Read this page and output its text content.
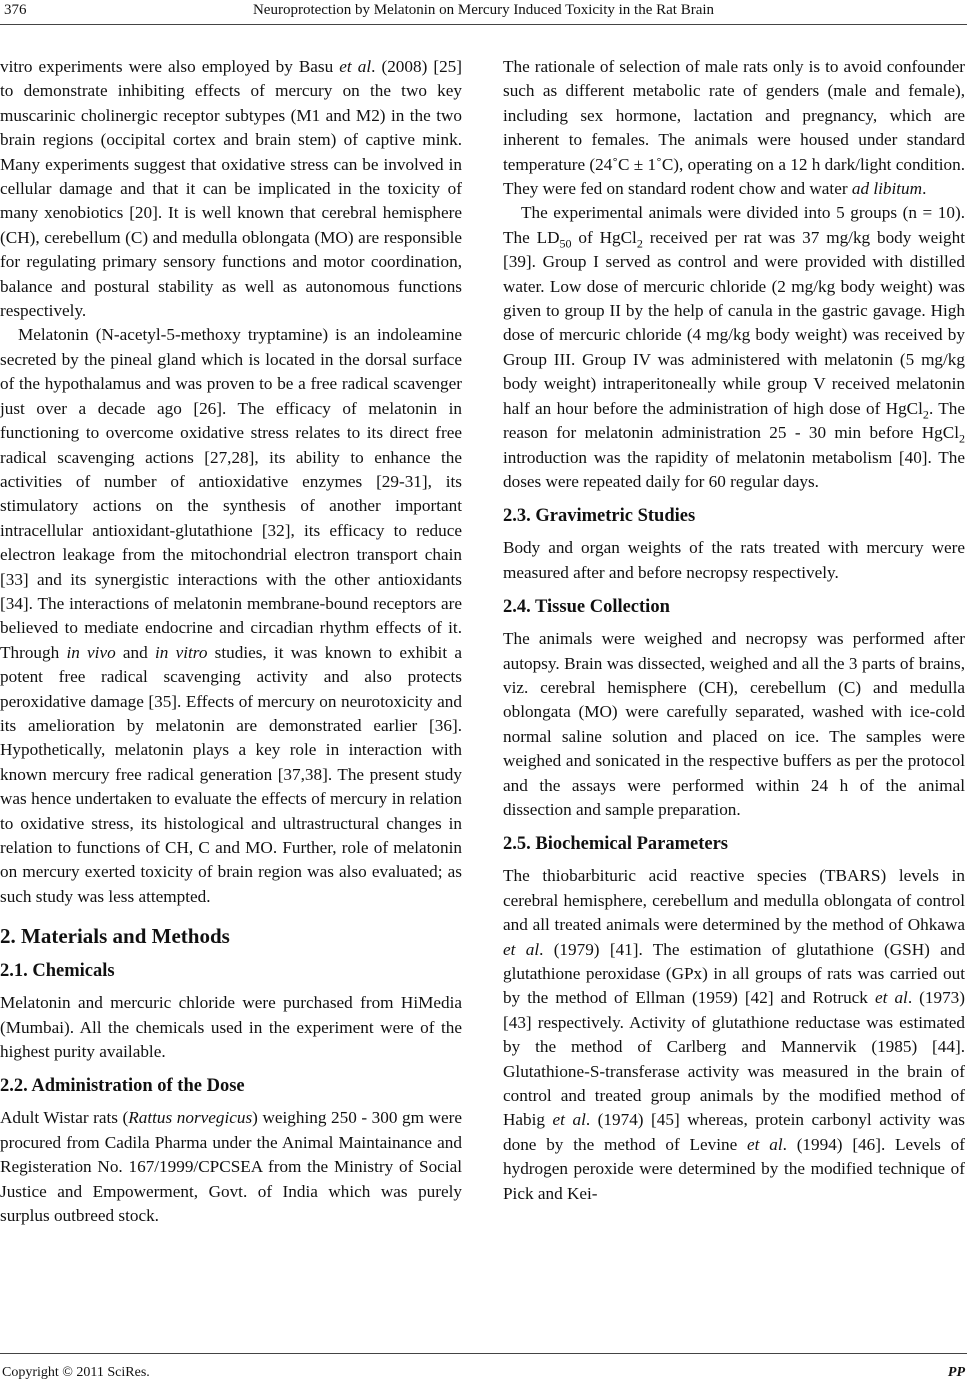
376	Neuroprotection by Melatonin on Mercury Induced Toxicity in the Rat Brain

vitro experiments were also employed by Basu et al. (2008) [25] to demonstrate inhibiting effects of mercury on the two key muscarinic cholinergic receptor subtypes (M1 and M2) in the two brain regions (occipital cortex and brain stem) of captive mink. Many experiments suggest that oxidative stress can be involved in cellular damage and that it can be implicated in the toxicity of many xenobiotics [20]. It is well known that cerebral hemisphere (CH), cerebellum (C) and medulla oblongata (MO) are responsible for regulating primary sensory functions and motor coordination, balance and postural stability as well as autonomous functions respectively.

Melatonin (N-acetyl-5-methoxy tryptamine) is an indoleamine secreted by the pineal gland which is located in the dorsal surface of the hypothalamus and was proven to be a free radical scavenger just over a decade ago [26]. The efficacy of melatonin in functioning to overcome oxidative stress relates to its direct free radical scavenging actions [27,28], its ability to enhance the activities of number of antioxidative enzymes [29-31], its stimulatory actions on the synthesis of another important intracellular antioxidant-glutathione [32], its efficacy to reduce electron leakage from the mitochondrial electron transport chain [33] and its synergistic interactions with the other antioxidants [34]. The interactions of melatonin membrane-bound receptors are believed to mediate endocrine and circadian rhythm effects of it. Through in vivo and in vitro studies, it was known to exhibit a potent free radical scavenging activity and also protects peroxidative damage [35]. Effects of mercury on neurotoxicity and its amelioration by melatonin are demonstrated earlier [36]. Hypothetically, melatonin plays a key role in interaction with known mercury free radical generation [37,38]. The present study was hence undertaken to evaluate the effects of mercury in relation to oxidative stress, its histological and ultrastructural changes in relation to functions of CH, C and MO. Further, role of melatonin on mercury exerted toxicity of brain region was also evaluated; as such study was less attempted.

2. Materials and Methods
2.1. Chemicals

Melatonin and mercuric chloride were purchased from HiMedia (Mumbai). All the chemicals used in the experiment were of the highest purity available.

2.2. Administration of the Dose

Adult Wistar rats (Rattus norvegicus) weighing 250 - 300 gm were procured from Cadila Pharma under the Animal Maintainance and Registeration No. 167/1999/CPCSEA from the Ministry of Social Justice and Empowerment, Govt. of India which was purely surplus outbreed stock.

The rationale of selection of male rats only is to avoid confounder such as different metabolic rate of genders (male and female), including sex hormone, lactation and pregnancy, which are inherent to females. The animals were housed under standard temperature (24˚C ± 1˚C), operating on a 12 h dark/light condition. They were fed on standard rodent chow and water ad libitum.

The experimental animals were divided into 5 groups (n = 10). The $LD_{50}$ of HgCl$_2$ received per rat was 37 mg/kg body weight [39]. Group I served as control and were provided with distilled water. Low dose of mercuric chloride (2 mg/kg body weight) was given to group II by the help of canula in the gastric gavage. High dose of mercuric chloride (4 mg/kg body weight) was received by Group III. Group IV was administered with melatonin (5 mg/kg body weight) intraperitoneally while group V received melatonin half an hour before the administration of high dose of HgCl$_2$. The reason for melatonin administration 25 - 30 min before HgCl$_2$ introduction was the rapidity of melatonin metabolism [40]. The doses were repeated daily for 60 regular days.

2.3. Gravimetric Studies

Body and organ weights of the rats treated with mercury were measured after and before necropsy respectively.

2.4. Tissue Collection

The animals were weighed and necropsy was performed after autopsy. Brain was dissected, weighed and all the 3 parts of brains, viz. cerebral hemisphere (CH), cerebellum (C) and medulla oblongata (MO) were carefully separated, washed with ice-cold normal saline solution and placed on ice. The samples were weighed and sonicated in the respective buffers as per the protocol and the assays were performed within 24 h of the animal dissection and sample preparation.

2.5. Biochemical Parameters

The thiobarbituric acid reactive species (TBARS) levels in cerebral hemisphere, cerebellum and medulla oblongata of control and all treated animals were determined by the method of Ohkawa et al. (1979) [41]. The estimation of glutathione (GSH) and glutathione peroxidase (GPx) in all groups of rats was carried out by the method of Ellman (1959) [42] and Rotruck et al. (1973) [43] respectively. Activity of glutathione reductase was estimated by the method of Carlberg and Mannervik (1985) [44]. Glutathione-S-transferase activity was measured in the brain of control and treated group animals by the modified method of Habig et al. (1974) [45] whereas, protein carbonyl activity was done by the method of Levine et al. (1994) [46]. Levels of hydrogen peroxide were determined by the modified technique of Pick and Kei-

Copyright © 2011 SciRes.	PP
